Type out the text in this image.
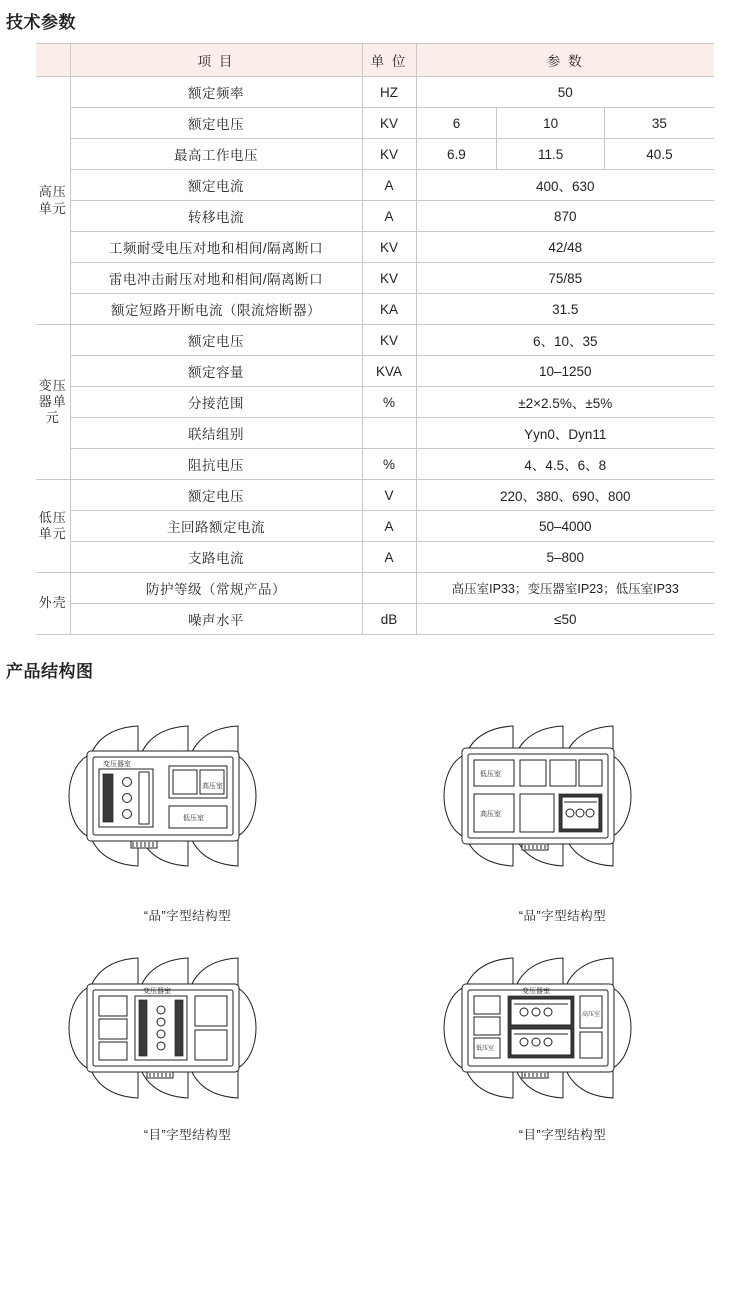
技术参数
	项 目	单 位	参 数		
高​压​单​元	额定频率	HZ	50		
	额定电压	KV	6	10	35
	最高工作电压	KV	6.9	11.5	40.5
	额定电流	A	400、630		
	转移电流	A	870		
	工频耐受电压对地和相间/隔离断口	KV	42/48		
	雷电冲击耐压对地和相间/隔离断口	KV	75/85		
	额定短路开断电流（限流熔断器）	KA	31.5		
变​压​器​单​元	额定电压	KV	6、10、35		
	额定容量	KVA	10–1250		
	分接范围	%	±2×2.5%、±5%		
	联结组别		Yyn0、Dyn11		
	阻抗电压	%	4、4.5、6、8		
低​压​单​元	额定电压	V	220、380、690、800		
	主回路额定电流	A	50–4000		
	支路电流	A	5–800		
外​壳	防护等级（常规产品）		高压室IP33；变压器室IP23；低压室IP33		
	噪声水平	dB	≤50		
产品结构图
变压器室
高压室
低压室
“品”字型结构型
低压室
高压室
“品”字型结构型
变压器室
“目”字型结构型
低压室
变压器室
高压室
“目”字型结构型
